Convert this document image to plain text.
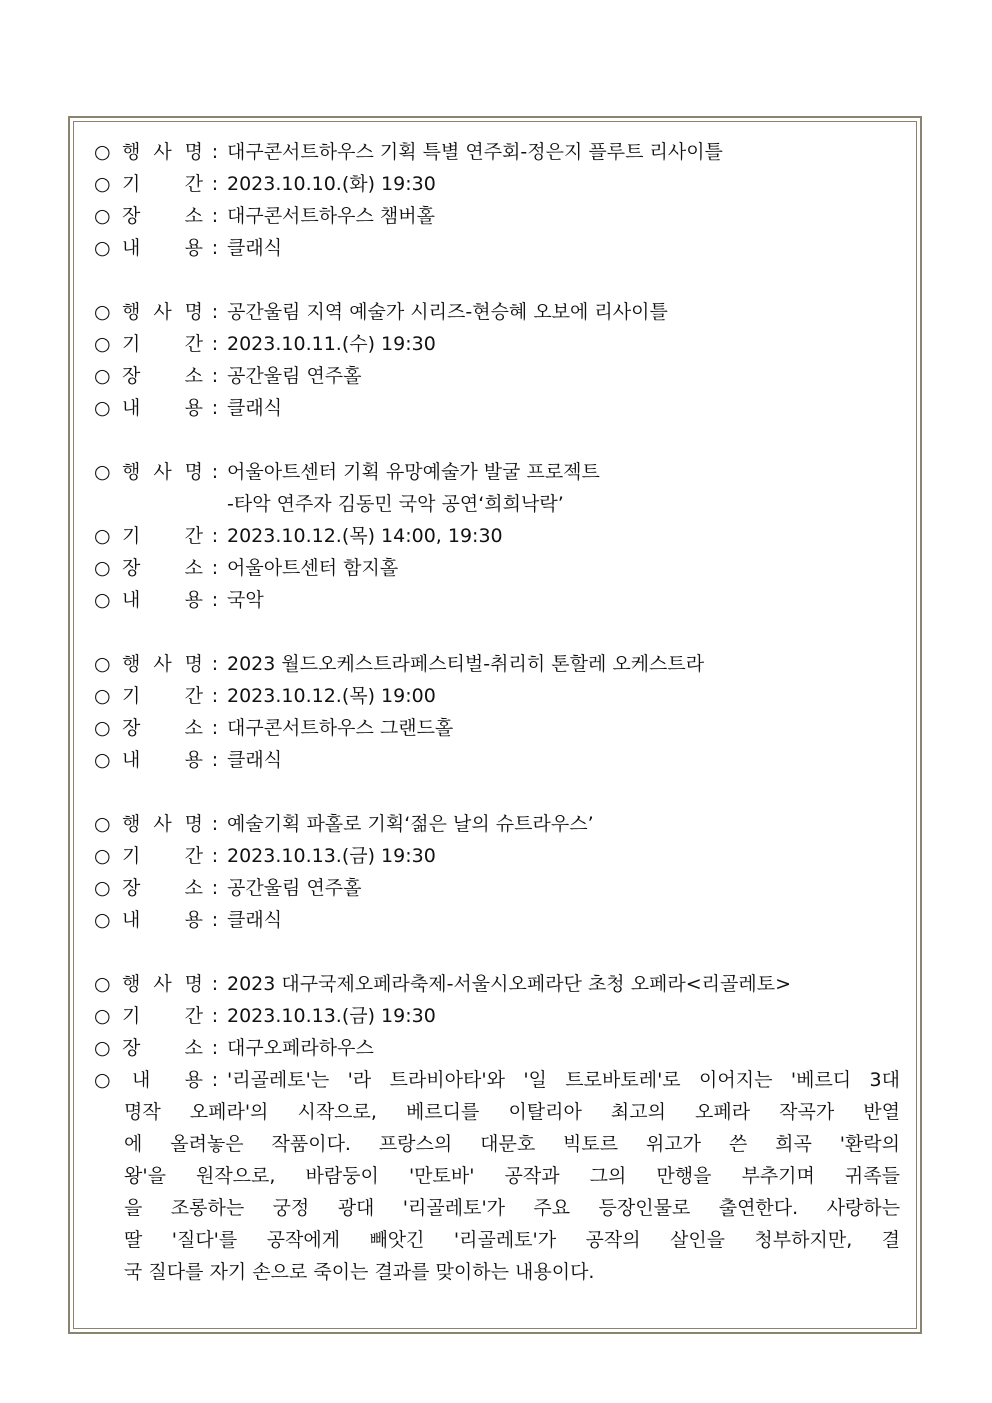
○ 행 사 명 : 대구콘서트하우스 기획 특별 연주회-정은지 플루트 리사이틀
○ 기 간 : 2023.10.10.(화) 19:30
○ 장 소 : 대구콘서트하우스 챔버홀
○ 내 용 : 클래식
○ 행 사 명 : 공간울림 지역 예술가 시리즈-현승혜 오보에 리사이틀
○ 기 간 : 2023.10.11.(수) 19:30
○ 장 소 : 공간울림 연주홀
○ 내 용 : 클래식
○ 행 사 명 : 어울아트센터 기획 유망예술가 발굴 프로젝트
-타악 연주자 김동민 국악 공연‘희희낙락’
○ 기 간 : 2023.10.12.(목) 14:00, 19:30
○ 장 소 : 어울아트센터 함지홀
○ 내 용 : 국악
○ 행 사 명 : 2023 월드오케스트라페스티벌-취리히 톤할레 오케스트라
○ 기 간 : 2023.10.12.(목) 19:00
○ 장 소 : 대구콘서트하우스 그랜드홀
○ 내 용 : 클래식
○ 행 사 명 : 예술기획 파홀로 기획‘젊은 날의 슈트라우스’
○ 기 간 : 2023.10.13.(금) 19:30
○ 장 소 : 공간울림 연주홀
○ 내 용 : 클래식
○ 행 사 명 : 2023 대구국제오페라축제-서울시오페라단 초청 오페라<리골레토>
○ 기 간 : 2023.10.13.(금) 19:30
○ 장 소 : 대구오페라하우스
○	내 용 : '리골레토'는 '라 트라비아타'와 '일 트로바토레'로 이어지는 '베르디 3대
명작 오페라'의 시작으로, 베르디를 이탈리아 최고의 오페라 작곡가 반열
에 올려놓은 작품이다. 프랑스의 대문호 빅토르 위고가 쓴 희곡 '환락의
왕'을 원작으로, 바람둥이 '만토바' 공작과 그의 만행을 부추기며 귀족들
을 조롱하는 궁정 광대 '리골레토'가 주요 등장인물로 출연한다. 사랑하는
딸 '질다'를 공작에게 빼앗긴 '리골레토'가 공작의 살인을 청부하지만, 결
국 질다를 자기 손으로 죽이는 결과를 맞이하는 내용이다.
